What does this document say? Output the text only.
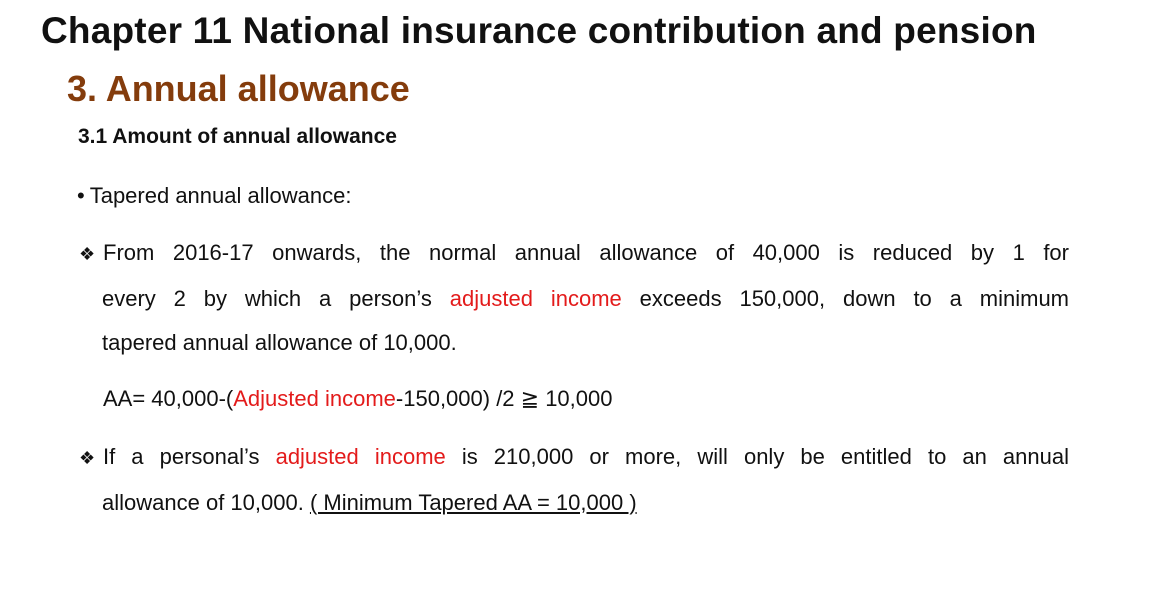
Chapter 11 National insurance contribution and pension
3. Annual allowance
3.1 Amount of annual allowance
• Tapered annual allowance:
❖ From 2016-17 onwards, the normal annual allowance of 40,000 is reduced by 1 for
every 2 by which a person’s adjusted income exceeds 150,000, down to a minimum
tapered annual allowance of 10,000.
AA= 40,000-(Adjusted income-150,000) /2 ≧ 10,000
❖ If a personal’s adjusted income is 210,000 or more, will only be entitled to an annual
allowance of 10,000. ( Minimum Tapered AA = 10,000 )
